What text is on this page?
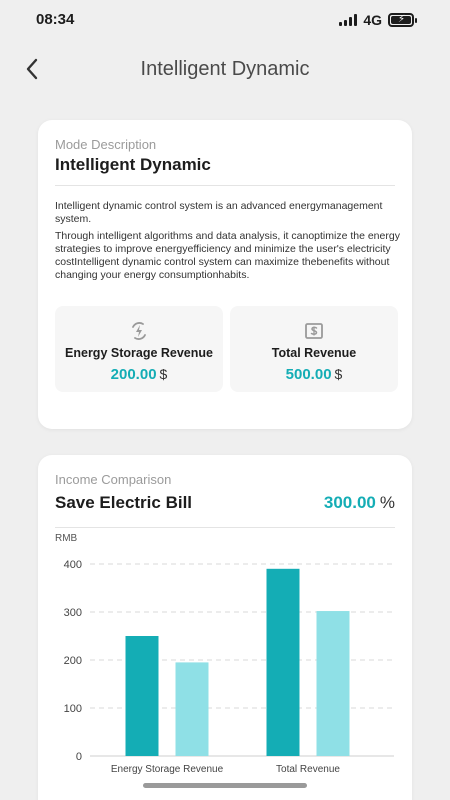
08:34	4G ⚡
Intelligent Dynamic
Mode Description
Intelligent Dynamic
Intelligent dynamic control system is an advanced energymanagement system.
Through intelligent algorithms and data analysis, it canoptimize the energy strategies to improve energyefficiency and minimize the user's electricity costIntelligent dynamic control system can maximize thebenefits without changing your energy consumptionhabits.
Energy Storage Revenue
200.00 $
Total Revenue
500.00 $
Income Comparison
Save Electric Bill	300.00 %
RMB
0
100
200
300
400
Energy Storage Revenue	Total Revenue
